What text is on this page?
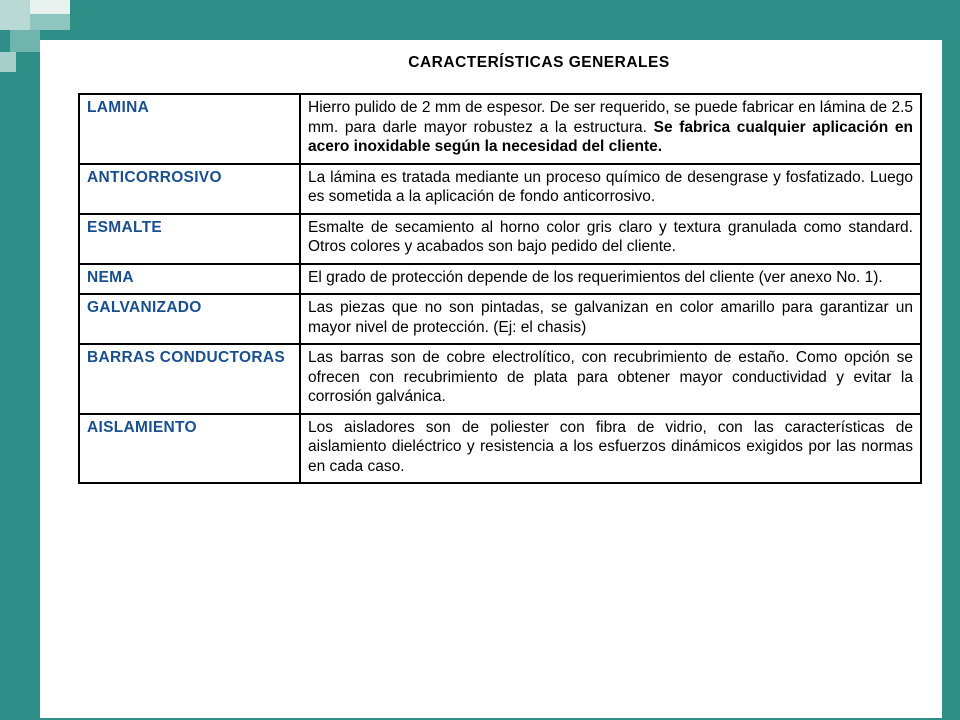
CARACTERÍSTICAS GENERALES
LAMINA	Hierro pulido de 2 mm de espesor. De ser requerido, se puede fabricar en lámina de 2.5 mm. para darle mayor robustez a la estructura. Se fabrica cualquier aplicación en acero inoxidable según la necesidad del cliente.
ANTICORROSIVO	La lámina es tratada mediante un proceso químico de desengrase y fosfatizado. Luego es sometida a la aplicación de fondo anticorrosivo.
ESMALTE	Esmalte de secamiento al horno color gris claro y textura granulada como standard. Otros colores y acabados son bajo pedido del cliente.
NEMA	El grado de protección depende de los requerimientos del cliente (ver anexo No. 1).
GALVANIZADO	Las piezas que no son pintadas, se galvanizan en color amarillo para garantizar un mayor nivel de protección. (Ej: el chasis)
BARRAS CONDUCTORAS	Las barras son de cobre electrolítico, con recubrimiento de estaño. Como opción se ofrecen con recubrimiento de plata para obtener mayor conductividad y evitar la corrosión galvánica.
AISLAMIENTO	Los aisladores son de poliester con fibra de vidrio, con las características de aislamiento dieléctrico y resistencia a los esfuerzos dinámicos exigidos por las normas en cada caso.
